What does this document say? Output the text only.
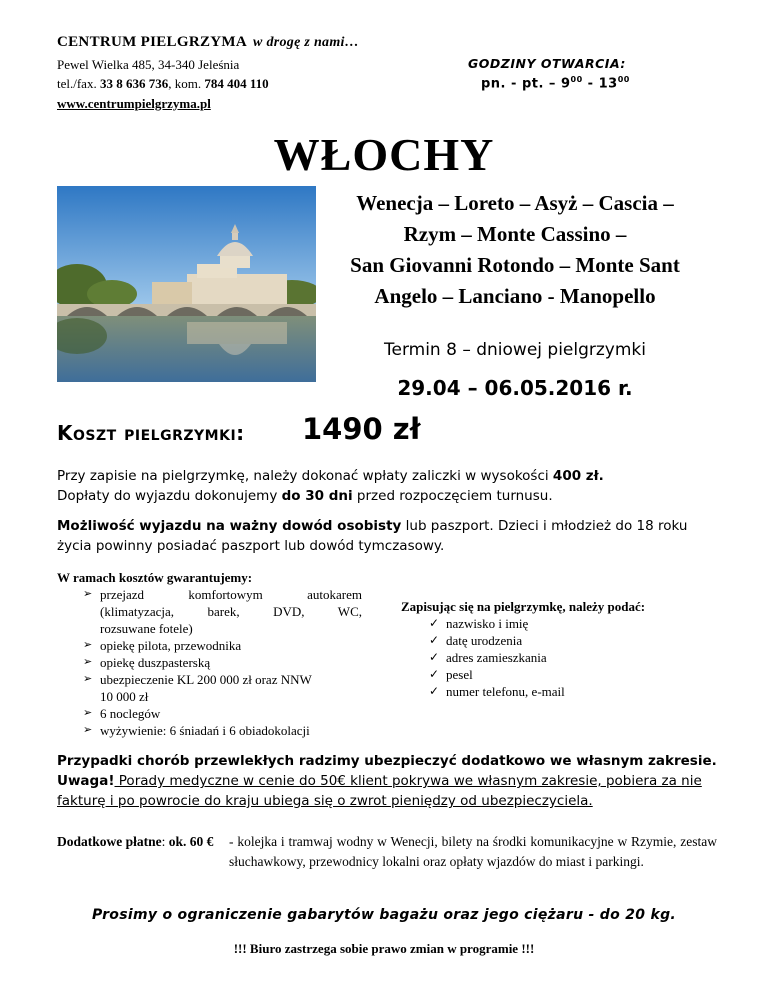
CENTRUM PIELGRZYMA w drogę z nami…
Pewel Wielka 485, 34-340 Jeleśnia
tel./fax. 33 8 636 736, kom. 784 404 110
www.centrumpielgrzyma.pl
GODZINY OTWARCIA:
pn. - pt. – $9^{00} - 13^{00}$
WŁOCHY
Wenecja – Loreto – Asyż – Cascia –
Rzym – Monte Cassino –
San Giovanni Rotondo – Monte Sant
Angelo – Lanciano - Manopello
Termin 8 – dniowej pielgrzymki
29.04 – 06.05.2016 r.
Koszt pielgrzymki: 1490 zł
Przy zapisie na pielgrzymkę, należy dokonać wpłaty zaliczki w wysokości 400 zł.
Dopłaty do wyjazdu dokonujemy do 30 dni przed rozpoczęciem turnusu.
Możliwość wyjazdu na ważny dowód osobisty lub paszport. Dzieci i młodzież do 18 roku życia powinny posiadać paszport lub dowód tymczasowy.
W ramach kosztów gwarantujemy:
➢ przejazd komfortowym autokarem
(klimatyzacja, barek, DVD, WC,
rozsuwane fotele)
➢ opiekę pilota, przewodnika
➢ opiekę duszpasterską
➢ ubezpieczenie KL 200 000 zł oraz NNW
10 000 zł
➢ 6 noclegów
➢ wyżywienie: 6 śniadań i 6 obiadokolacji
Zapisując się na pielgrzymkę, należy podać:
✓ nazwisko i imię
✓ datę urodzenia
✓ adres zamieszkania
✓ pesel
✓ numer telefonu, e-mail
Przypadki chorób przewlekłych radzimy ubezpieczyć dodatkowo we własnym zakresie.
Uwaga! Porady medyczne w cenie do 50€ klient pokrywa we własnym zakresie, pobiera za nie fakturę i po powrocie do kraju ubiega się o zwrot pieniędzy od ubezpieczyciela.
Dodatkowe płatne: ok. 60 € - kolejka i tramwaj wodny w Wenecji, bilety na środki komunikacyjne w Rzymie, zestaw słuchawkowy, przewodnicy lokalni oraz opłaty wjazdów do miast i parkingi.
Prosimy o ograniczenie gabarytów bagażu oraz jego ciężaru - do 20 kg.
!!! Biuro zastrzega sobie prawo zmian w programie !!!
